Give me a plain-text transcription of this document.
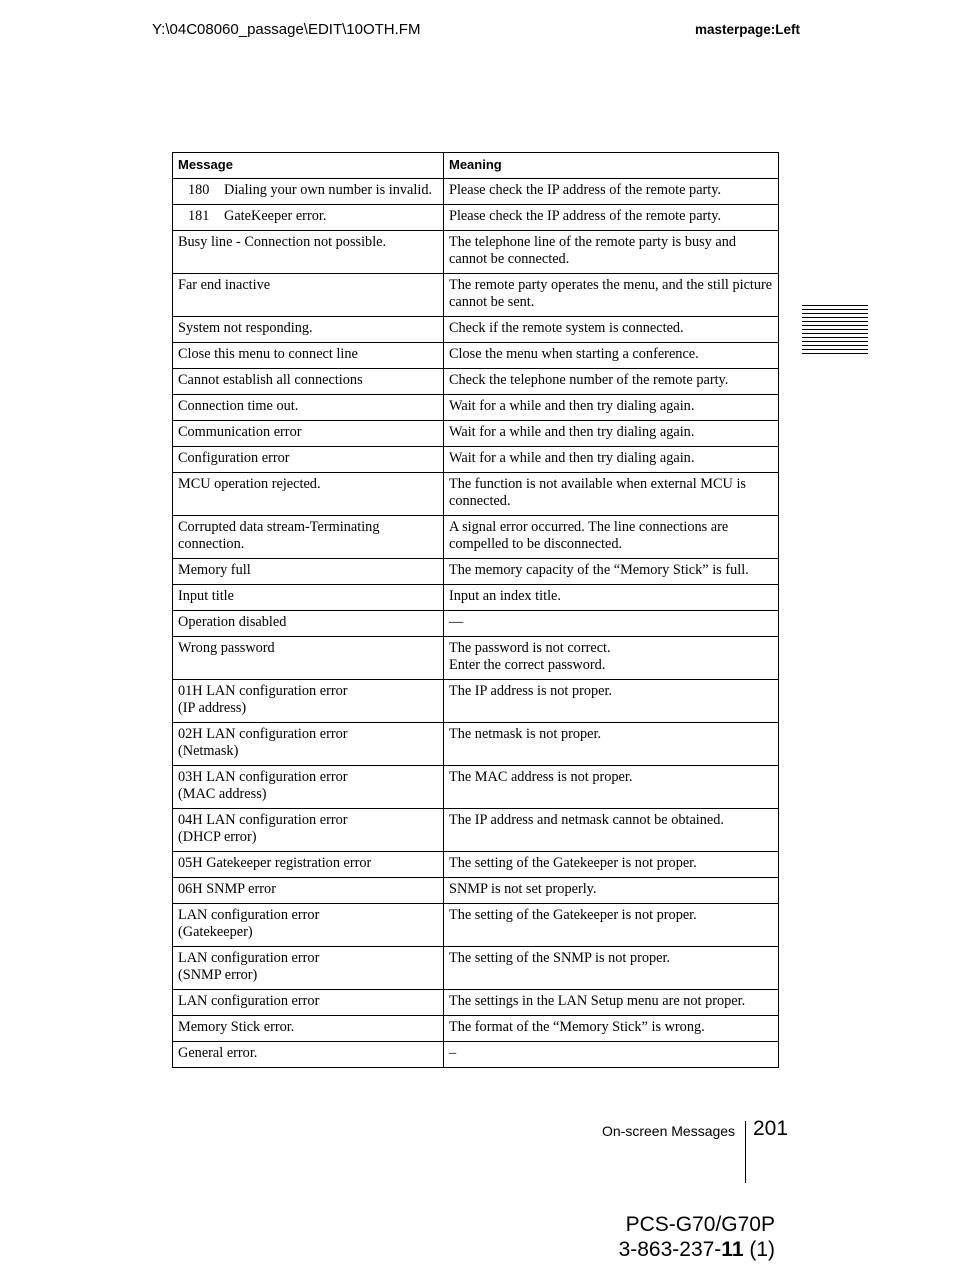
Y:\04C08060_passage\EDIT\10OTH.FM	masterpage:Left
Message	Meaning

180 Dialing your own number is invalid.	Please check the IP address of the remote party.

181 GateKeeper error.	Please check the IP address of the remote party.
Busy line - Connection not possible.	The telephone line of the remote party is busy and cannot be connected.
Far end inactive	The remote party operates the menu, and the still picture cannot be sent.
System not responding.	Check if the remote system is connected.
Close this menu to connect line	Close the menu when starting a conference.
Cannot establish all connections	Check the telephone number of the remote party.
Connection time out.	Wait for a while and then try dialing again.
Communication error	Wait for a while and then try dialing again.
Configuration error	Wait for a while and then try dialing again.
MCU operation rejected.	The function is not available when external MCU is connected.
Corrupted data stream-Terminating connection.	A signal error occurred. The line connections are compelled to be disconnected.
Memory full	The memory capacity of the “Memory Stick” is full.
Input title	Input an index title.
Operation disabled	—
Wrong password	The password is not correct.
Enter the correct password.
01H LAN configuration error
(IP address)	The IP address is not proper.
02H LAN configuration error
(Netmask)	The netmask is not proper.
03H LAN configuration error
(MAC address)	The MAC address is not proper.
04H LAN configuration error
(DHCP error)	The IP address and netmask cannot be obtained.
05H Gatekeeper registration error	The setting of the Gatekeeper is not proper.
06H SNMP error	SNMP is not set properly.
LAN configuration error
(Gatekeeper)	The setting of the Gatekeeper is not proper.
LAN configuration error
(SNMP error)	The setting of the SNMP is not proper.
LAN configuration error	The settings in the LAN Setup menu are not proper.
Memory Stick error.	The format of the “Memory Stick” is wrong.
General error.	–
On-screen Messages 201
PCS-G70/G70P
3-863-237-11 (1)
